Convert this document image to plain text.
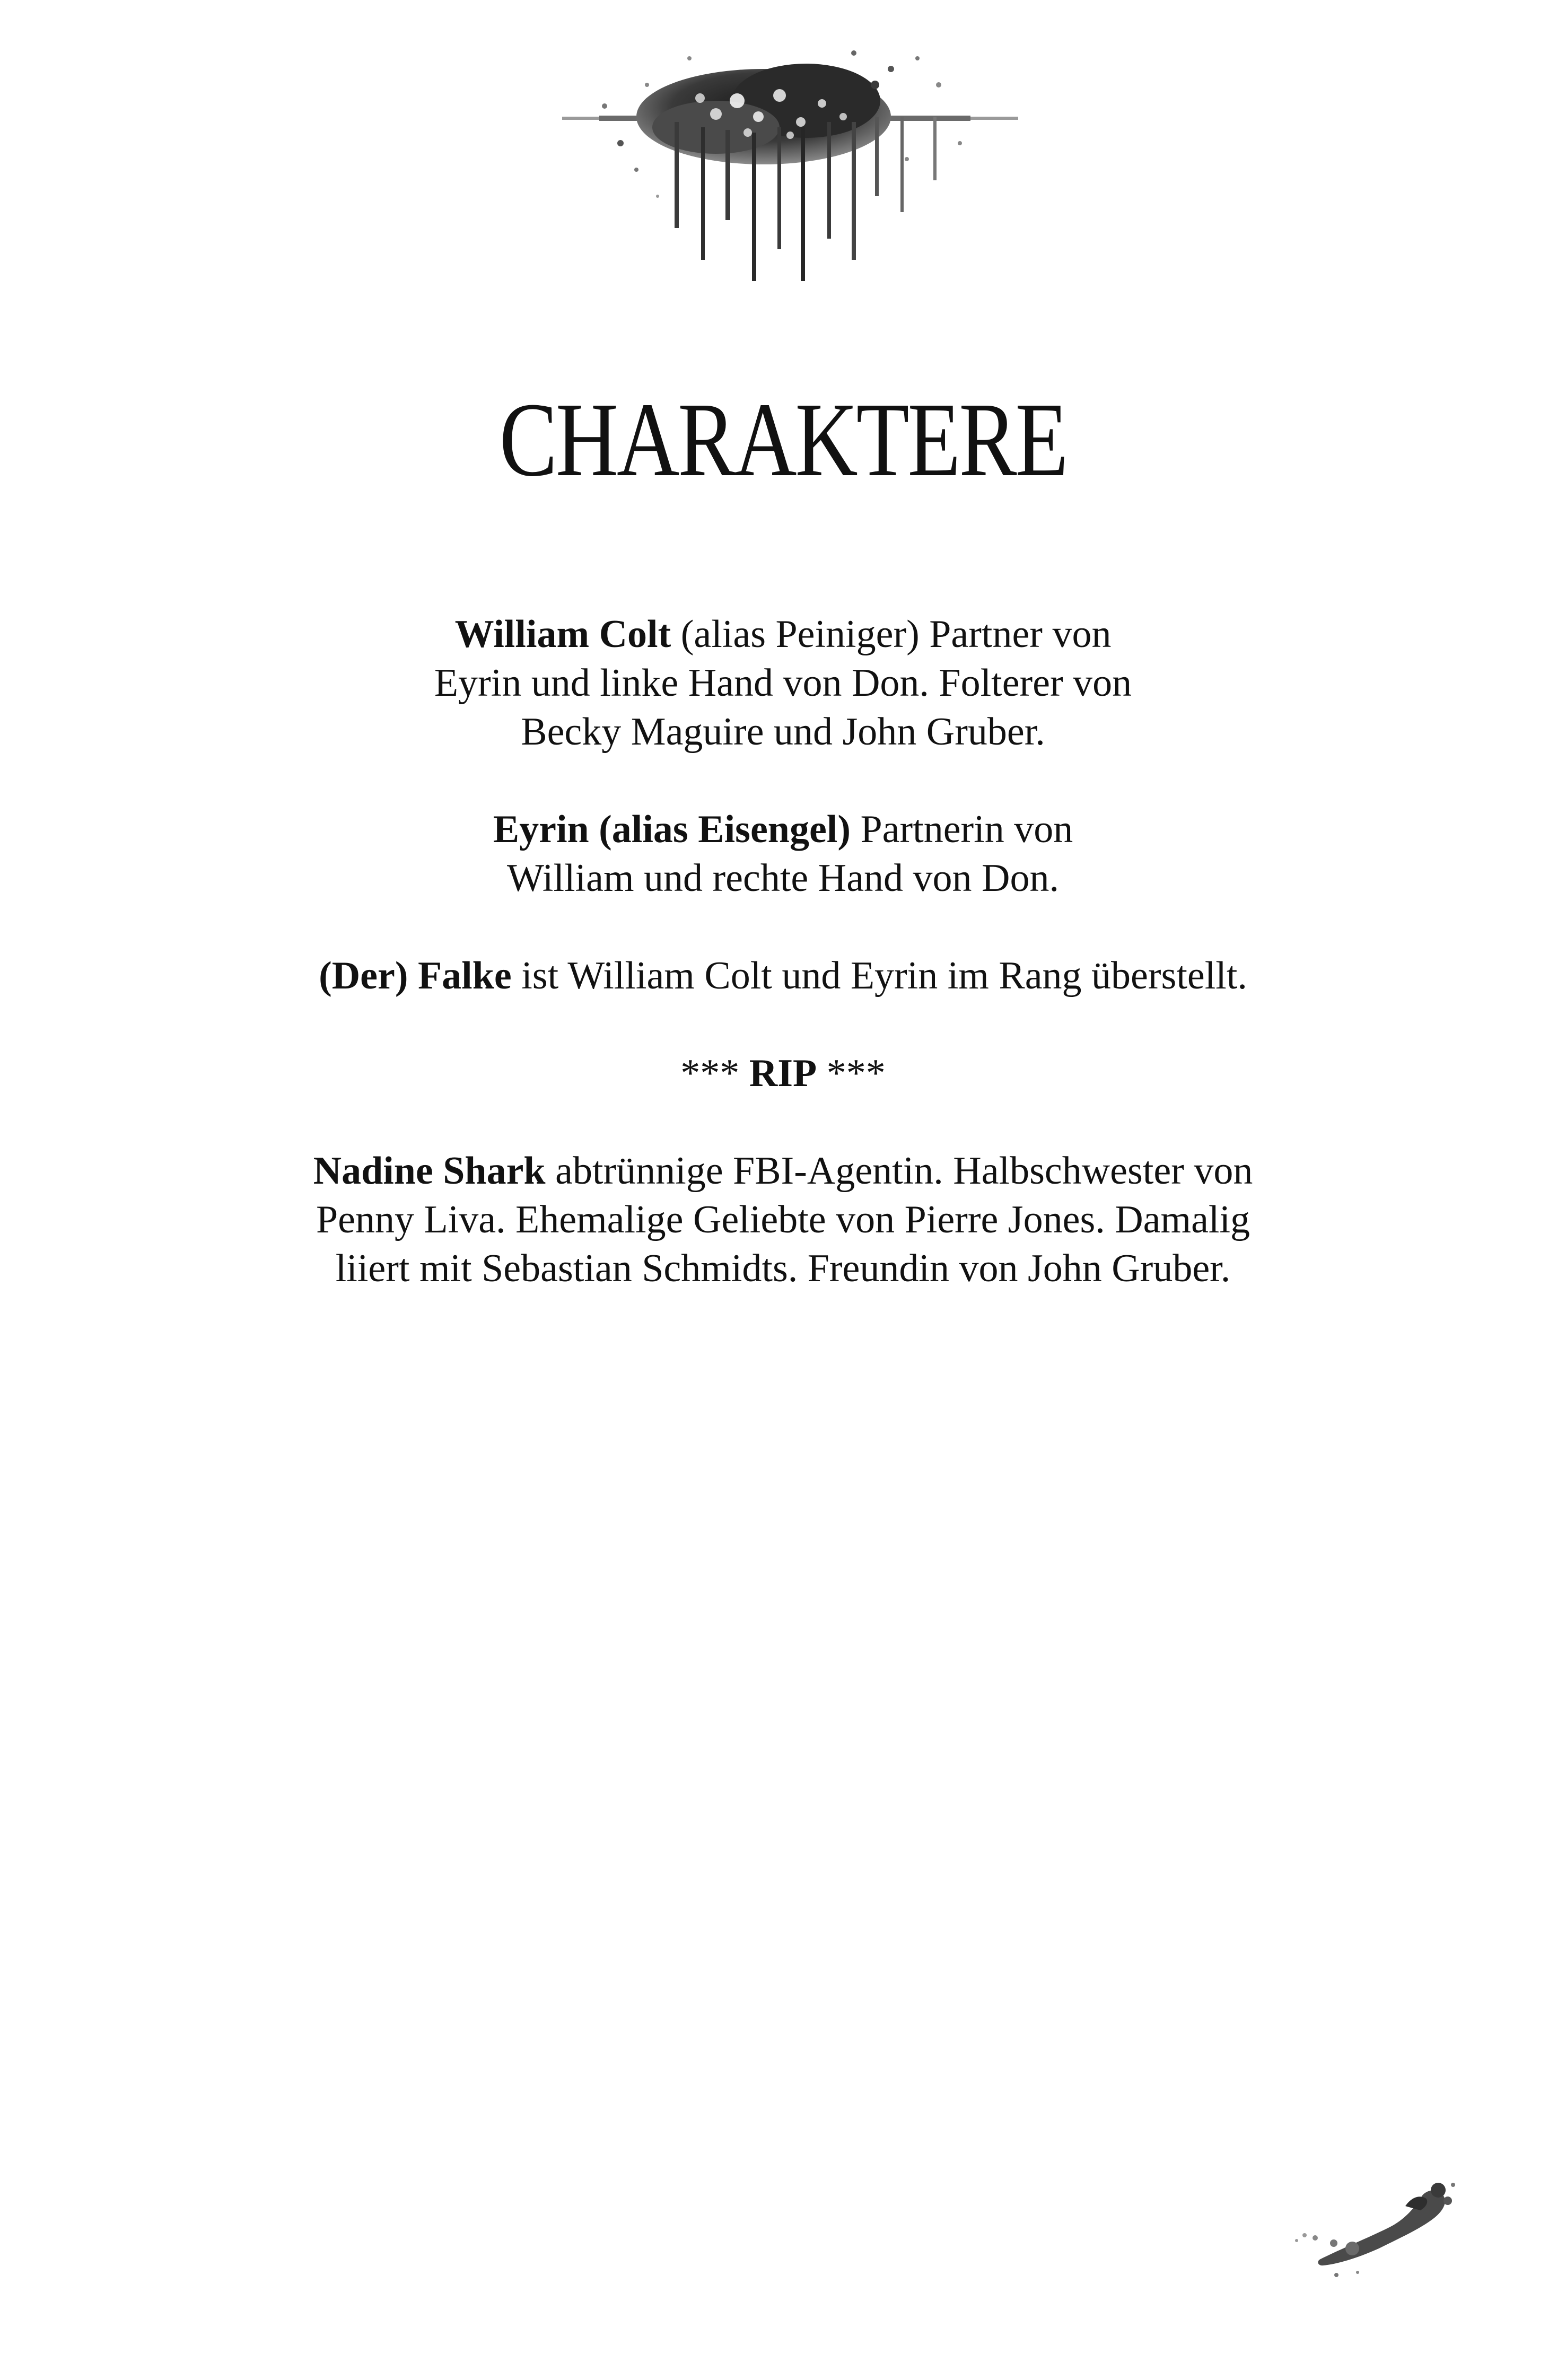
CHARAKTERE

William Colt (alias Peiniger) Partner von
Eyrin und linke Hand von Don. Folterer von
Becky Maguire und John Gruber.

Eyrin (alias Eisengel) Partnerin von
William und rechte Hand von Don.

(Der) Falke ist William Colt und Eyrin im Rang überstellt.

*** RIP ***

Nadine Shark abtrünnige FBI-Agentin. Halbschwester von
Penny Liva. Ehemalige Geliebte von Pierre Jones. Damalig
liiert mit Sebastian Schmidts. Freundin von John Gruber.
